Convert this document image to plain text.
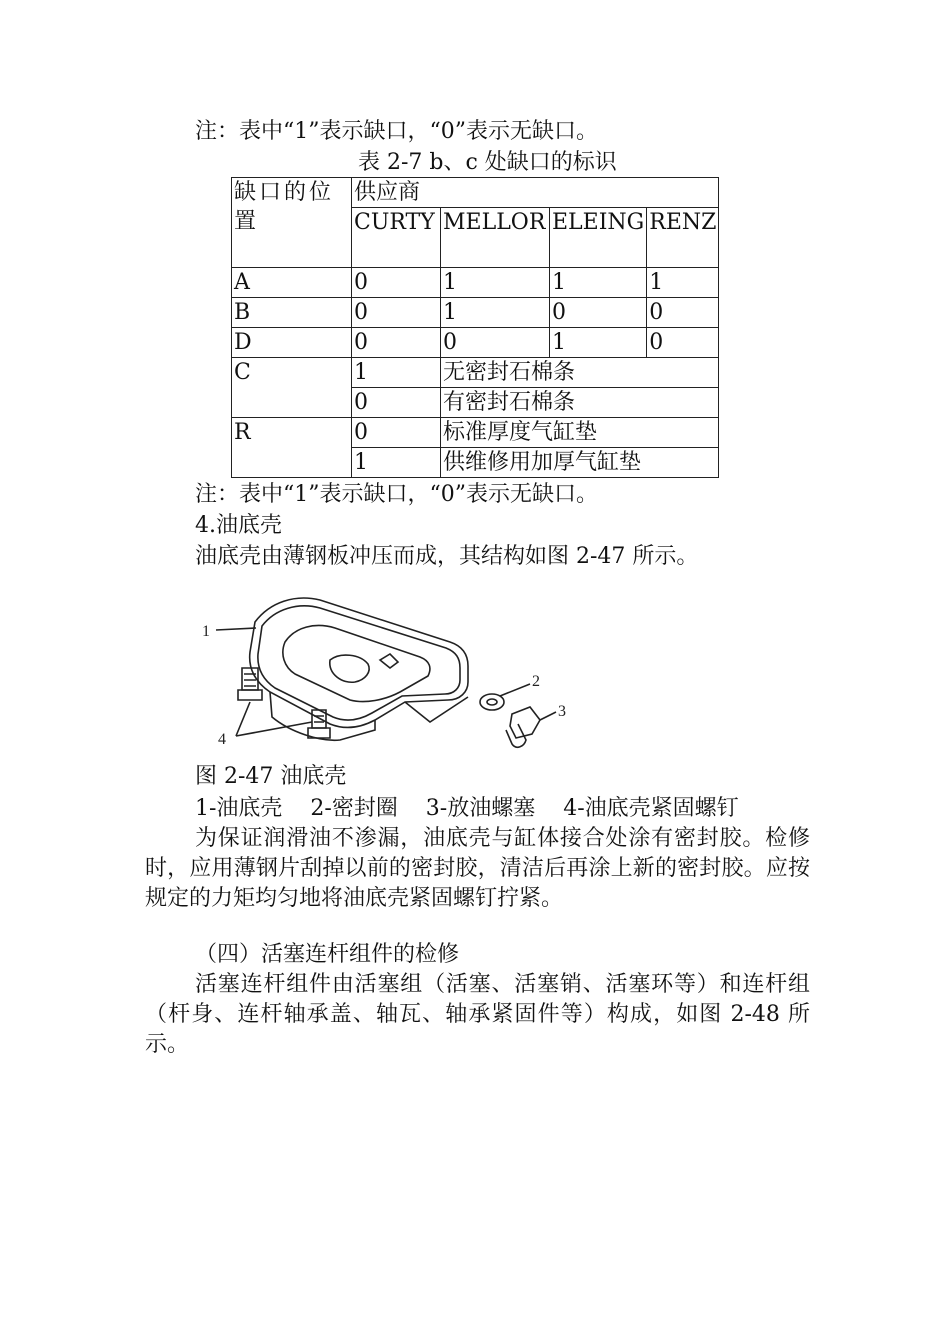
注：表中“1”表示缺口，“0”表示无缺口。
表 2-7 b、c 处缺口的标识
缺口的位置	供应商			
	CURTY	MELLOR	ELEING	RENZ
A	0	1	1	1
B	0	1	0	0
D	0	0	1	0
C	1	无密封石棉条		
	0	有密封石棉条		
R	0	标准厚度气缸垫		
	1	供维修用加厚气缸垫		
注：表中“1”表示缺口，“0”表示无缺口。
4.油底壳
油底壳由薄钢板冲压而成，其结构如图 2-47 所示。
1
2
3
4
图 2-47 油底壳
1-油底壳    2-密封圈    3-放油螺塞    4-油底壳紧固螺钉
为保证润滑油不渗漏，油底壳与缸体接合处涂有密封胶。检修时，应用薄钢片刮掉以前的密封胶，清洁后再涂上新的密封胶。应按规定的力矩均匀地将油底壳紧固螺钉拧紧。
（四）活塞连杆组件的检修
活塞连杆组件由活塞组（活塞、活塞销、活塞环等）和连杆组（杆身、连杆轴承盖、轴瓦、轴承紧固件等）构成，如图 2-48 所示。
